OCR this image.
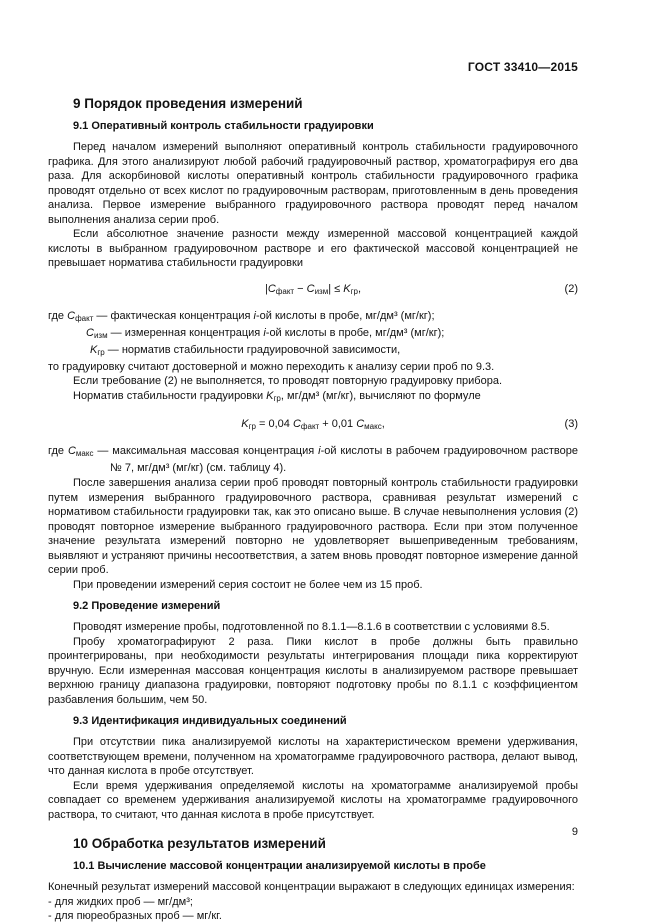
ГОСТ 33410—2015
9 Порядок проведения измерений
9.1 Оперативный контроль стабильности градуировки

Перед началом измерений выполняют оперативный контроль стабильности градуировочного графика. Для этого анализируют любой рабочий градуировочный раствор, хроматографируя его два раза. Для аскорбиновой кислоты оперативный контроль стабильности градуировочного графика проводят отдельно от всех кислот по градуировочным растворам, приготовленным в день проведения анализа. Первое измерение выбранного градуировочного раствора проводят перед началом выполнения анализа серии проб.

Если абсолютное значение разности между измеренной массовой концентрацией каждой кислоты в выбранном градуировочном растворе и его фактической массовой концентрацией не превышает норматива стабильности градуировки

|Cфакт − Cизм| ≤ Kгр,	(2)

где Cфакт — фактическая концентрация i-ой кислоты в пробе, мг/дм³ (мг/кг);

Cизм — измеренная концентрация i-ой кислоты в пробе, мг/дм³ (мг/кг);

Kгр — норматив стабильности градуировочной зависимости,

то градуировку считают достоверной и можно переходить к анализу серии проб по 9.3.

Если требование (2) не выполняется, то проводят повторную градуировку прибора.

Норматив стабильности градуировки Kгр, мг/дм³ (мг/кг), вычисляют по формуле

Kгр = 0,04 Cфакт + 0,01 Cмакс,	(3)

где Cмакс — максимальная массовая концентрация i-ой кислоты в рабочем градуировочном растворе № 7, мг/дм³ (мг/кг) (см. таблицу 4).

После завершения анализа серии проб проводят повторный контроль стабильности градуировки путем измерения выбранного градуировочного раствора, сравнивая результат измерений с нормативом стабильности градуировки так, как это описано выше. В случае невыполнения условия (2) проводят повторное измерение выбранного градуировочного раствора. Если при этом полученное значение результата измерений повторно не удовлетворяет вышеприведенным требованиям, выявляют и устраняют причины несоответствия, а затем вновь проводят повторное измерение данной серии проб.

При проведении измерений серия состоит не более чем из 15 проб.

9.2 Проведение измерений

Проводят измерение пробы, подготовленной по 8.1.1—8.1.6 в соответствии с условиями 8.5.

Пробу хроматографируют 2 раза. Пики кислот в пробе должны быть правильно проинтегрированы, при необходимости результаты интегрирования площади пика корректируют вручную. Если измеренная массовая концентрация кислоты в анализируемом растворе превышает верхнюю границу диапазона градуировки, повторяют подготовку пробы по 8.1.1 с коэффициентом разбавления большим, чем 50.

9.3 Идентификация индивидуальных соединений

При отсутствии пика анализируемой кислоты на характеристическом времени удерживания, соответствующем времени, полученном на хроматограмме градуировочного раствора, делают вывод, что данная кислота в пробе отсутствует.

Если время удерживания определяемой кислоты на хроматограмме анализируемой пробы совпадает со временем удерживания анализируемой кислоты на хроматограмме градуировочного раствора, то считают, что данная кислота в пробе присутствует.

10 Обработка результатов измерений
10.1 Вычисление массовой концентрации анализируемой кислоты в пробе

Конечный результат измерений массовой концентрации выражают в следующих единицах измерения:

- для жидких проб — мг/дм³;

- для пюреобразных проб — мг/кг.

9
